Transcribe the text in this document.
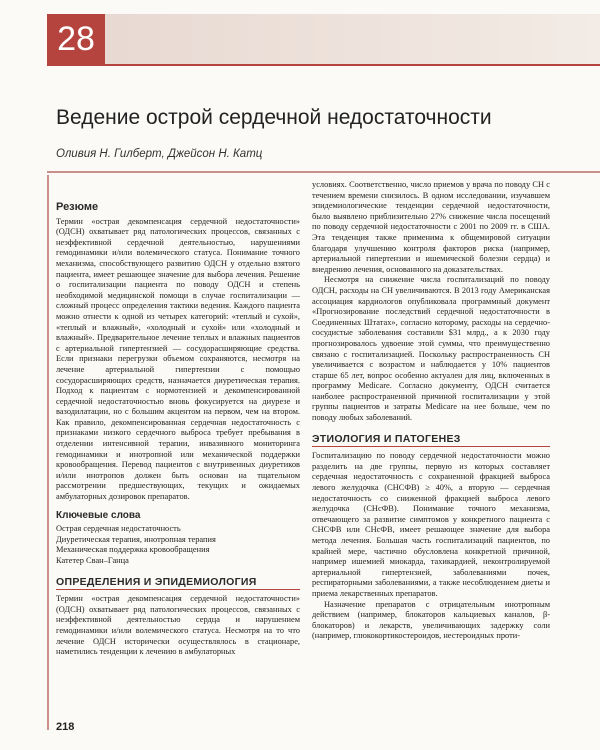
28
Ведение острой сердечной недостаточности
Оливия Н. Гилберт, Джейсон Н. Катц
Резюме

Термин «острая декомпенсация сердечной недостаточности» (ОДСН) охватывает ряд патологических процессов, связанных с неэффективной сердечной деятельностью, нарушениями гемодинамики и/или волемического статуса. Понимание точного механизма, способствующего развитию ОДСН у отдельно взятого пациента, имеет решающее значение для выбора лечения. Решение о госпитализации пациента по поводу ОДСН и степень необходимой медицинской помощи в случае госпитализации — сложный процесс определения тактики ведения. Каждого пациента можно отнести к одной из четырех категорий: «теплый и сухой», «теплый и влажный», «холодный и сухой» или «холодный и влажный». Предварительное лечение теплых и влажных пациентов с артериальной гипертензией — сосудорасширяющие средства. Если признаки перегрузки объемом сохраняются, несмотря на лечение артериальной гипертензии с помощью сосудорасширяющих средств, назначается диуретическая терапия. Подход к пациентам с нормотензией и декомпенсированной сердечной недостаточностью вновь фокусируется на диурезе и вазодилатации, но с большим акцентом на первом, чем на втором. Как правило, декомпенсированная сердечная недостаточность с признаками низкого сердечного выброса требует пребывания в отделении интенсивной терапии, инвазивного мониторинга гемодинамики и инотропной или механической поддержки кровообращения. Перевод пациентов с внутривенных диуретиков и/или инотропов должен быть основан на тщательном рассмотрении предшествующих, текущих и ожидаемых амбулаторных дозировок препаратов.

Ключевые слова
Острая сердечная недостаточность
Диуретическая терапия, инотропная терапия
Механическая поддержка кровообращения
Катетер Сван–Ганца
ОПРЕДЕЛЕНИЯ И ЭПИДЕМИОЛОГИЯ

Термин «острая декомпенсация сердечной недостаточности» (ОДСН) охватывает ряд патологических процессов, связанных с неэффективной деятельностью сердца и нарушением гемодинамики и/или волемического статуса. Несмотря на то что лечение ОДСН исторически осуществлялось в стационаре, наметились тенденции к лечению в амбулаторных

условиях. Соответственно, число приемов у врача по поводу СН с течением времени снизилось. В одном исследовании, изучавшем эпидемиологические тенденции сердечной недостаточности, было выявлено приблизительно 27% снижение числа посещений по поводу сердечной недостаточности с 2001 по 2009 гг. в США. Эта тенденция также применима к общемировой ситуации благодаря улучшению контроля факторов риска (например, артериальной гипертензии и ишемической болезни сердца) и внедрению лечения, основанного на доказательствах.

Несмотря на снижение числа госпитализаций по поводу ОДСН, расходы на СН увеличиваются. В 2013 году Американская ассоциация кардиологов опубликовала программный документ «Прогнозирование последствий сердечной недостаточности в Соединенных Штатах», согласно которому, расходы на сердечно-сосудистые заболевания составили $31 млрд., а к 2030 году прогнозировалось удвоение этой суммы, что преимущественно связано с госпитализацией. Поскольку распространенность СН увеличивается с возрастом и наблюдается у 10% пациентов старше 65 лет, вопрос особенно актуален для лиц, включенных в программу Medicare. Согласно документу, ОДСН считается наиболее распространенной причиной госпитализации у этой группы пациентов и затраты Medicare на нее больше, чем по поводу любых заболеваний.

ЭТИОЛОГИЯ И ПАТОГЕНЕЗ

Госпитализацию по поводу сердечной недостаточности можно разделить на две группы, первую из которых составляет сердечная недостаточность с сохраненной фракцией выброса левого желудочка (СНСФВ) ≥ 40%, а вторую — сердечная недостаточность со сниженной фракцией выброса левого желудочка (СНсФВ). Понимание точного механизма, отвечающего за развитие симптомов у конкретного пациента с СНСФВ или СНсФВ, имеет решающее значение для выбора метода лечения. Большая часть госпитализаций пациентов, по крайней мере, частично обусловлена конкретной причиной, например ишемией миокарда, тахикардией, неконтролируемой артериальной гипертензией, заболеваниями почек, респираторными заболеваниями, а также несоблюдением диеты и приема лекарственных препаратов.

Назначение препаратов с отрицательным инотропным действием (например, блокаторов кальциевых каналов, β-блокаторов) и лекарств, увеличивающих задержку соли (например, глюкокортикостероидов, нестероидных проти-

218
